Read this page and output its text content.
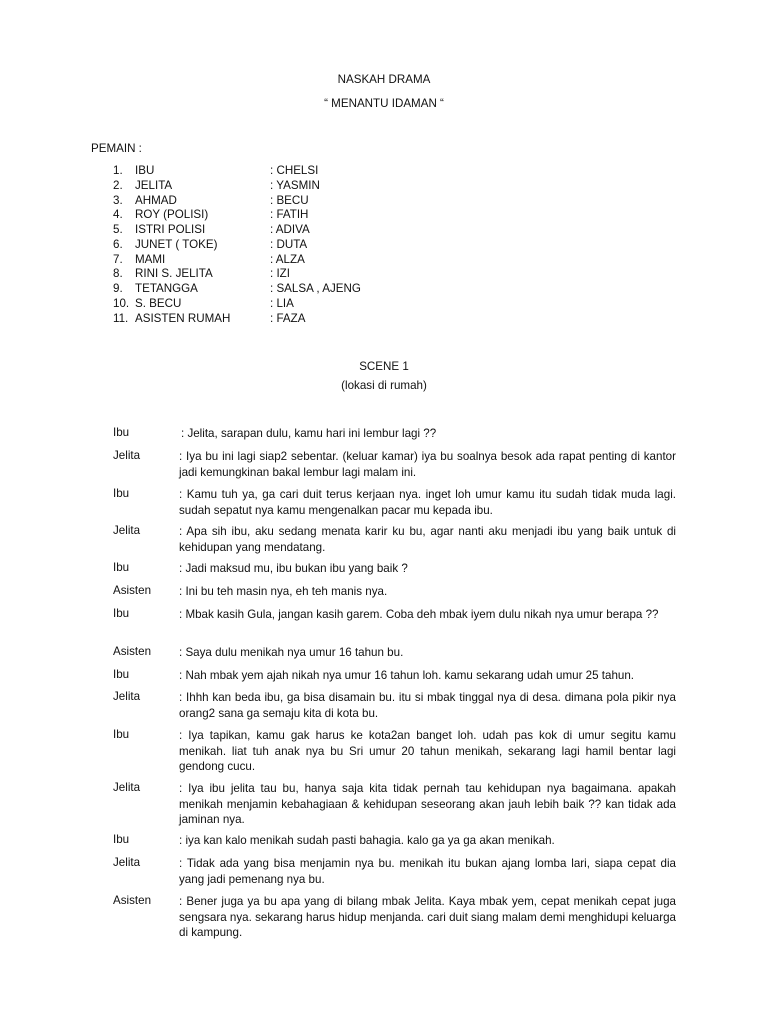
NASKAH DRAMA
“ MENANTU IDAMAN “
PEMAIN :
1. IBU	: CHELSI
2. JELITA	: YASMIN
3. AHMAD	: BECU
4. ROY (POLISI)	: FATIH
5. ISTRI POLISI	: ADIVA
6. JUNET ( TOKE)	: DUTA
7. MAMI	: ALZA
8. RINI S. JELITA	: IZI
9. TETANGGA	: SALSA , AJENG
10. S. BECU	: LIA
11. ASISTEN RUMAH	: FAZA
SCENE 1
(lokasi di rumah)
Ibu	: Jelita, sarapan dulu, kamu hari ini lembur lagi ??
Jelita	: Iya bu ini lagi siap2 sebentar. (keluar kamar) iya bu soalnya besok ada rapat penting di kantor jadi kemungkinan bakal lembur lagi malam ini.
Ibu	: Kamu tuh ya, ga cari duit terus kerjaan nya. inget loh umur kamu itu sudah tidak muda lagi. sudah sepatut nya kamu mengenalkan pacar mu kepada ibu.
Jelita	: Apa sih ibu, aku sedang menata karir ku bu, agar nanti aku menjadi ibu yang baik untuk di kehidupan yang mendatang.
Ibu	: Jadi maksud mu, ibu bukan ibu yang baik ?
Asisten : Ini bu teh masin nya, eh teh manis nya.
Ibu	: Mbak kasih Gula, jangan kasih garem. Coba deh mbak iyem dulu nikah nya umur berapa ??
Asisten : Saya dulu menikah nya umur 16 tahun bu.
Ibu	: Nah mbak yem ajah nikah nya umur 16 tahun loh. kamu sekarang udah umur 25 tahun.
Jelita	: Ihhh kan beda ibu, ga bisa disamain bu. itu si mbak tinggal nya di desa. dimana pola pikir nya orang2 sana ga semaju kita di kota bu.
Ibu	: Iya tapikan, kamu gak harus ke kota2an banget loh. udah pas kok di umur segitu kamu menikah. liat tuh anak nya bu Sri umur 20 tahun menikah, sekarang lagi hamil bentar lagi gendong cucu.
Jelita	: Iya ibu jelita tau bu, hanya saja kita tidak pernah tau kehidupan nya bagaimana. apakah menikah menjamin kebahagiaan & kehidupan seseorang akan jauh lebih baik ?? kan tidak ada jaminan nya.
Ibu	: iya kan kalo menikah sudah pasti bahagia. kalo ga ya ga akan menikah.
Jelita	: Tidak ada yang bisa menjamin nya bu. menikah itu bukan ajang lomba lari, siapa cepat dia yang jadi pemenang nya bu.
Asisten : Bener juga ya bu apa yang di bilang mbak Jelita. Kaya mbak yem, cepat menikah cepat juga sengsara nya. sekarang harus hidup menjanda. cari duit siang malam demi menghidupi keluarga di kampung.
